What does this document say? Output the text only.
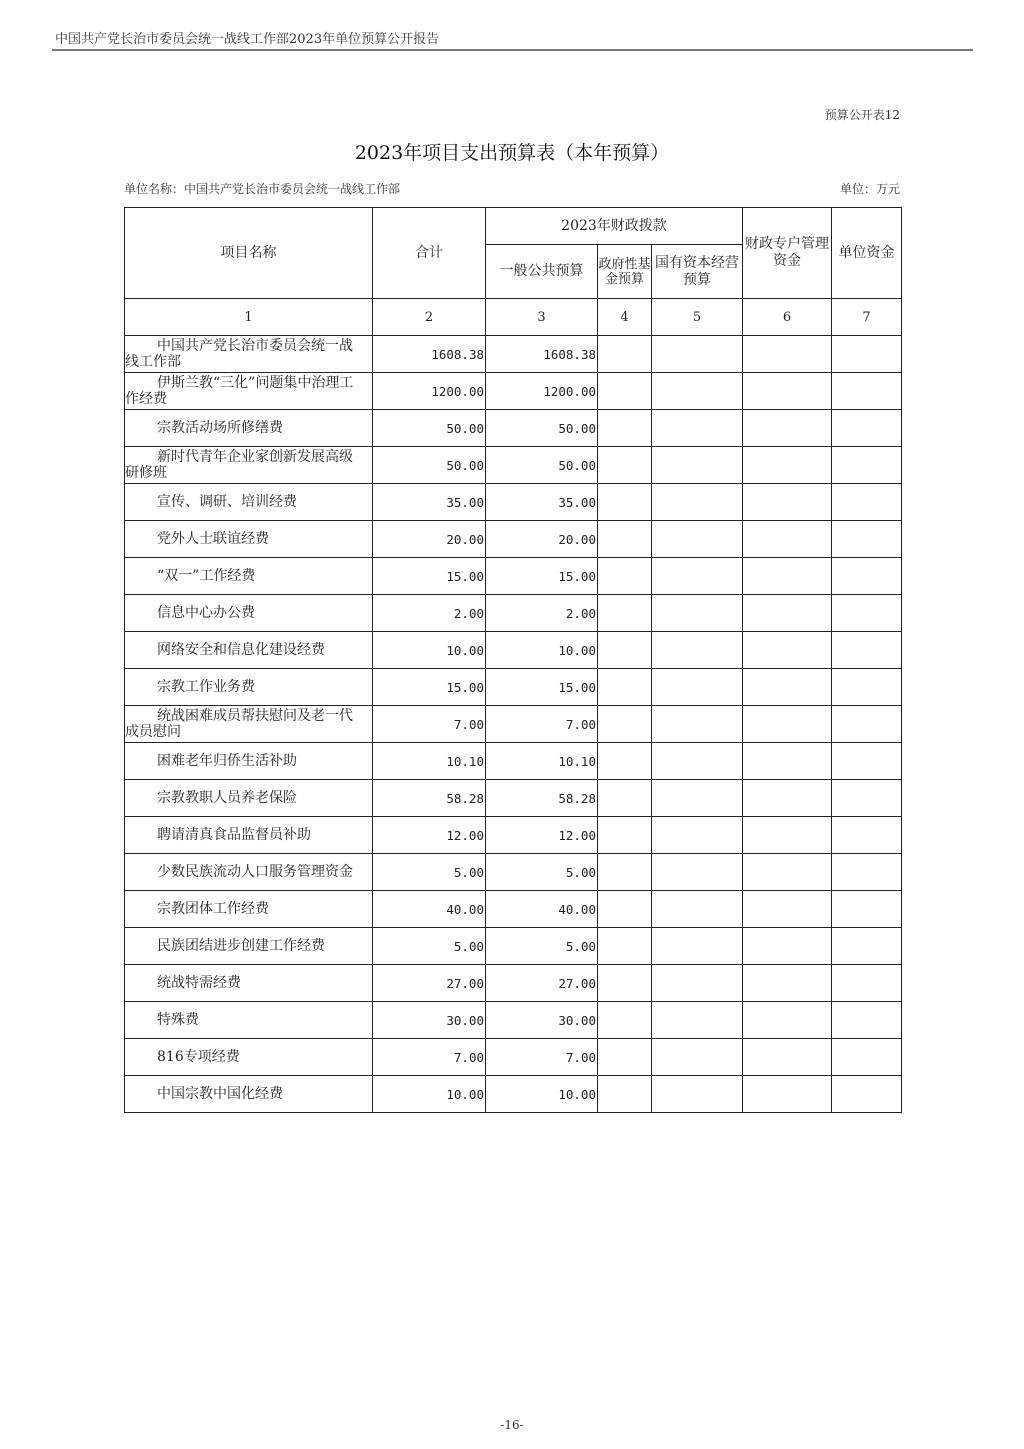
中国共产党长治市委员会统一战线工作部2023年单位预算公开报告
预算公开表12
2023年项目支出预算表（本年预算）
单位名称：中国共产党长治市委员会统一战线工作部	单位：万元
项目名称	合计	2023年财政拨款			财政专户管理资金	单位资金
		一般公共预算	政府性基金预算	国有资本经营预算		
1	2	3	4	5	6	7

中国共产党长治市委员会统一战线工作部	1608.38	1608.38				

伊斯兰教“三化”问题集中治理工作经费	1200.00	1200.00				

宗教活动场所修缮费	50.00	50.00				

新时代青年企业家创新发展高级研修班	50.00	50.00				

宣传、调研、培训经费	35.00	35.00				

党外人士联谊经费	20.00	20.00				

“双一”工作经费	15.00	15.00				

信息中心办公费	2.00	2.00				

网络安全和信息化建设经费	10.00	10.00				

宗教工作业务费	15.00	15.00				

统战困难成员帮扶慰问及老一代成员慰问	7.00	7.00				

困难老年归侨生活补助	10.10	10.10				

宗教教职人员养老保险	58.28	58.28				

聘请清真食品监督员补助	12.00	12.00				

少数民族流动人口服务管理资金	5.00	5.00				

宗教团体工作经费	40.00	40.00				

民族团结进步创建工作经费	5.00	5.00				

统战特需经费	27.00	27.00				

特殊费	30.00	30.00				

816专项经费	7.00	7.00				

中国宗教中国化经费	10.00	10.00				
-16-
